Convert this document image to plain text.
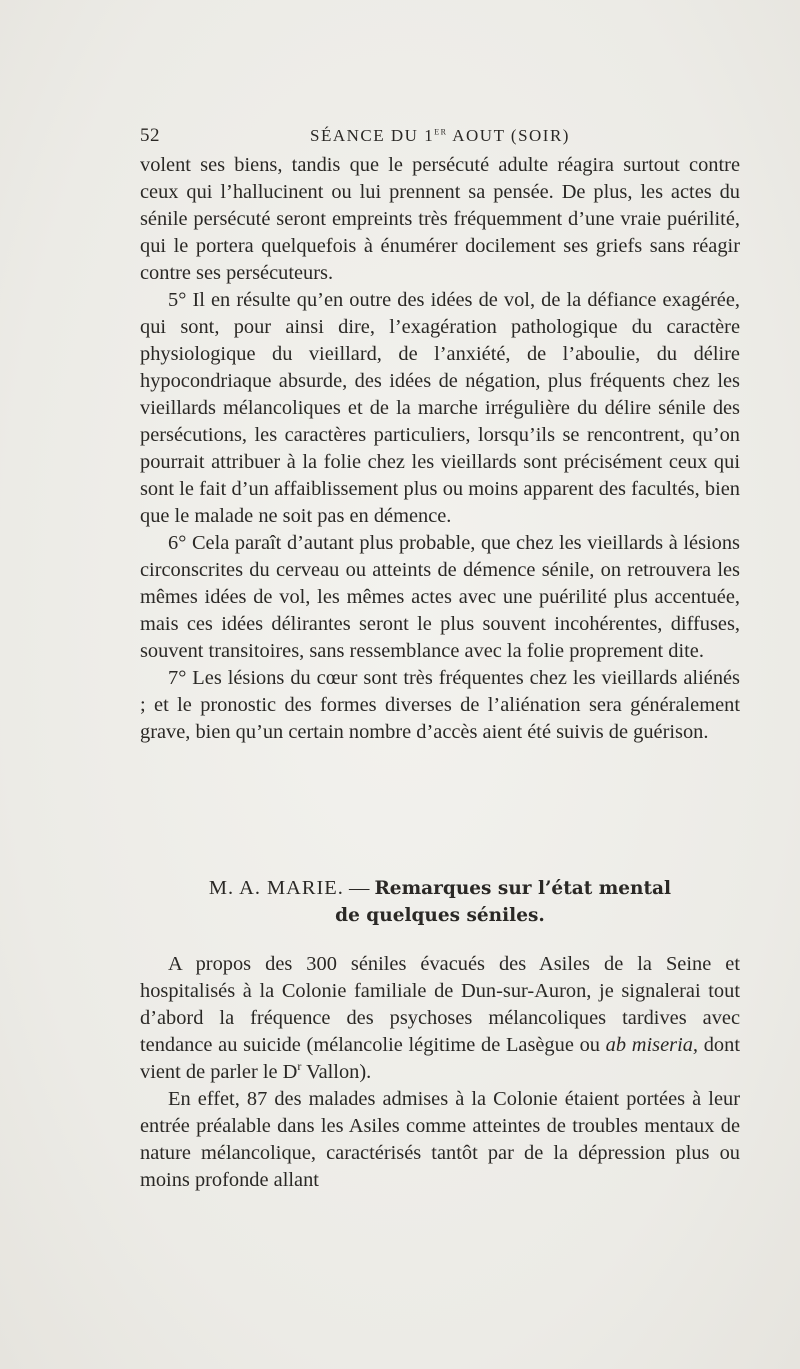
52	SÉANCE DU 1er AOUT (SOIR)

volent ses biens, tandis que le persécuté adulte réagira surtout contre ceux qui l’hallucinent ou lui prennent sa pensée. De plus, les actes du sénile persécuté seront empreints très fréquemment d’une vraie puérilité, qui le portera quelquefois à énumérer docilement ses griefs sans réagir contre ses persécuteurs.

5° Il en résulte qu’en outre des idées de vol, de la défiance exagérée, qui sont, pour ainsi dire, l’exagération pathologique du caractère physiologique du vieillard, de l’anxiété, de l’aboulie, du délire hypocondriaque absurde, des idées de négation, plus fréquents chez les vieillards mélancoliques et de la marche irrégulière du délire sénile des persécutions, les caractères particuliers, lorsqu’ils se rencontrent, qu’on pourrait attribuer à la folie chez les vieillards sont précisément ceux qui sont le fait d’un affaiblissement plus ou moins apparent des facultés, bien que le malade ne soit pas en démence.

6° Cela paraît d’autant plus probable, que chez les vieillards à lésions circonscrites du cerveau ou atteints de démence sénile, on retrouvera les mêmes idées de vol, les mêmes actes avec une puérilité plus accentuée, mais ces idées délirantes seront le plus souvent incohérentes, diffuses, souvent transitoires, sans ressemblance avec la folie proprement dite.

7° Les lésions du cœur sont très fréquentes chez les vieillards aliénés ; et le pronostic des formes diverses de l’aliénation sera généralement grave, bien qu’un certain nombre d’accès aient été suivis de guérison.

M. A. MARIE. — Remarques sur l’état mental
de quelques séniles.

A propos des 300 séniles évacués des Asiles de la Seine et hospitalisés à la Colonie familiale de Dun-sur-Auron, je signalerai tout d’abord la fréquence des psychoses mélancoliques tardives avec tendance au suicide (mélancolie légitime de Lasègue ou ab miseria, dont vient de parler le $D^r$ Vallon).

En effet, 87 des malades admises à la Colonie étaient portées à leur entrée préalable dans les Asiles comme atteintes de troubles mentaux de nature mélancolique, caractérisés tantôt par de la dépression plus ou moins profonde allant
